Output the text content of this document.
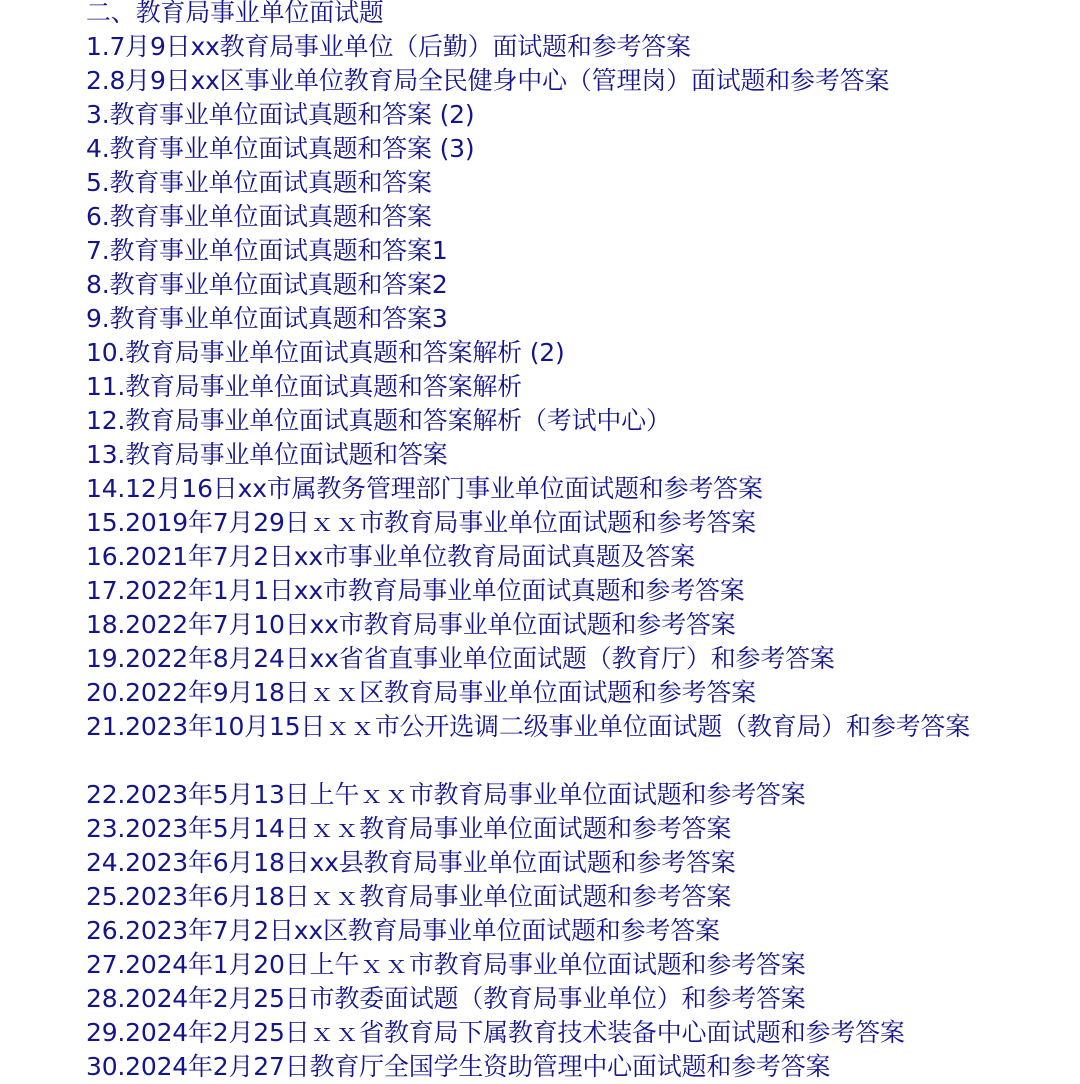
二、教育局事业单位面试题
1.7月9日xx教育局事业单位（后勤）面试题和参考答案
2.8月9日xx区事业单位教育局全民健身中心（管理岗）面试题和参考答案
3.教育事业单位面试真题和答案 (2)
4.教育事业单位面试真题和答案 (3)
5.教育事业单位面试真题和答案
6.教育事业单位面试真题和答案
7.教育事业单位面试真题和答案1
8.教育事业单位面试真题和答案2
9.教育事业单位面试真题和答案3
10.教育局事业单位面试真题和答案解析 (2)
11.教育局事业单位面试真题和答案解析
12.教育局事业单位面试真题和答案解析（考试中心）
13.教育局事业单位面试题和答案
14.12月16日xx市属教务管理部门事业单位面试题和参考答案
15.2019年7月29日ｘｘ市教育局事业单位面试题和参考答案
16.2021年7月2日xx市事业单位教育局面试真题及答案
17.2022年1月1日xx市教育局事业单位面试真题和参考答案
18.2022年7月10日xx市教育局事业单位面试题和参考答案
19.2022年8月24日xx省省直事业单位面试题（教育厅）和参考答案
20.2022年9月18日ｘｘ区教育局事业单位面试题和参考答案
21.2023年10月15日ｘｘ市公开选调二级事业单位面试题（教育局）和参考答案
22.2023年5月13日上午ｘｘ市教育局事业单位面试题和参考答案
23.2023年5月14日ｘｘ教育局事业单位面试题和参考答案
24.2023年6月18日xx县教育局事业单位面试题和参考答案
25.2023年6月18日ｘｘ教育局事业单位面试题和参考答案
26.2023年7月2日xx区教育局事业单位面试题和参考答案
27.2024年1月20日上午ｘｘ市教育局事业单位面试题和参考答案
28.2024年2月25日市教委面试题（教育局事业单位）和参考答案
29.2024年2月25日ｘｘ省教育局下属教育技术装备中心面试题和参考答案
30.2024年2月27日教育厅全国学生资助管理中心面试题和参考答案
